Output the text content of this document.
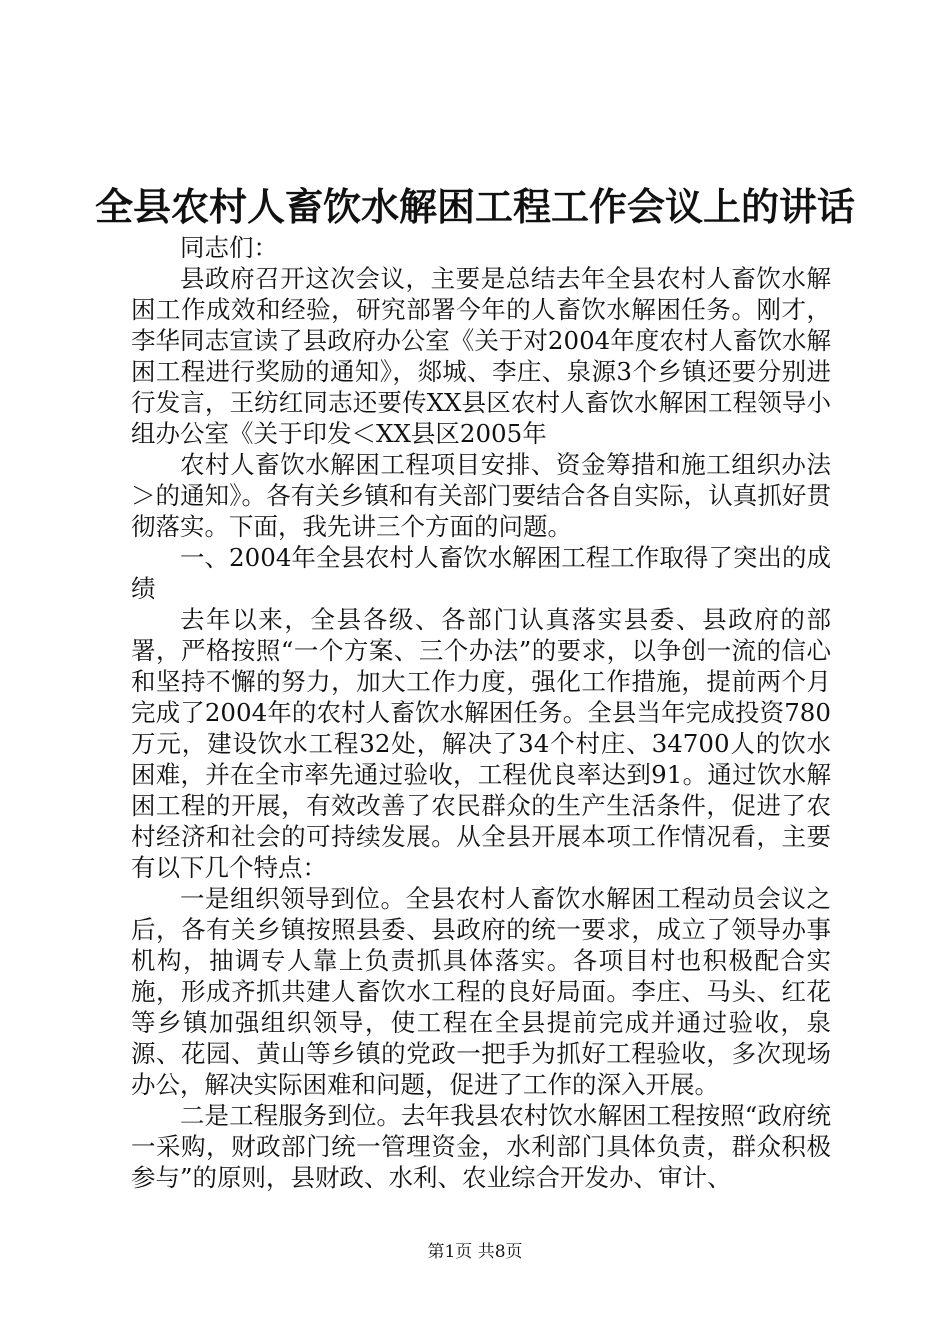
全县农村人畜饮水解困工程工作会议上的讲话

同志们：

县政府召开这次会议，主要是总结去年全县农村人畜饮水解困工作成效和经验，研究部署今年的人畜饮水解困任务。刚才，李华同志宣读了县政府办公室《关于对2004年度农村人畜饮水解困工程进行奖励的通知》，郯城、李庄、泉源3个乡镇还要分别进行发言，王纺红同志还要传XX县区农村人畜饮水解困工程领导小组办公室《关于印发＜XX县区2005年

农村人畜饮水解困工程项目安排、资金筹措和施工组织办法＞的通知》。各有关乡镇和有关部门要结合各自实际，认真抓好贯彻落实。下面，我先讲三个方面的问题。

一、2004年全县农村人畜饮水解困工程工作取得了突出的成绩

去年以来，全县各级、各部门认真落实县委、县政府的部署，严格按照“一个方案、三个办法”的要求，以争创一流的信心和坚持不懈的努力，加大工作力度，强化工作措施，提前两个月完成了2004年的农村人畜饮水解困任务。全县当年完成投资780万元，建设饮水工程32处，解决了34个村庄、34700人的饮水困难，并在全市率先通过验收，工程优良率达到91。通过饮水解困工程的开展，有效改善了农民群众的生产生活条件，促进了农村经济和社会的可持续发展。从全县开展本项工作情况看，主要有以下几个特点：

一是组织领导到位。全县农村人畜饮水解困工程动员会议之后，各有关乡镇按照县委、县政府的统一要求，成立了领导办事机构，抽调专人靠上负责抓具体落实。各项目村也积极配合实施，形成齐抓共建人畜饮水工程的良好局面。李庄、马头、红花等乡镇加强组织领导，使工程在全县提前完成并通过验收，泉源、花园、黄山等乡镇的党政一把手为抓好工程验收，多次现场办公，解决实际困难和问题，促进了工作的深入开展。

二是工程服务到位。去年我县农村饮水解困工程按照“政府统一采购，财政部门统一管理资金，水利部门具体负责，群众积极参与”的原则，县财政、水利、农业综合开发办、审计、

第1页 共8页
